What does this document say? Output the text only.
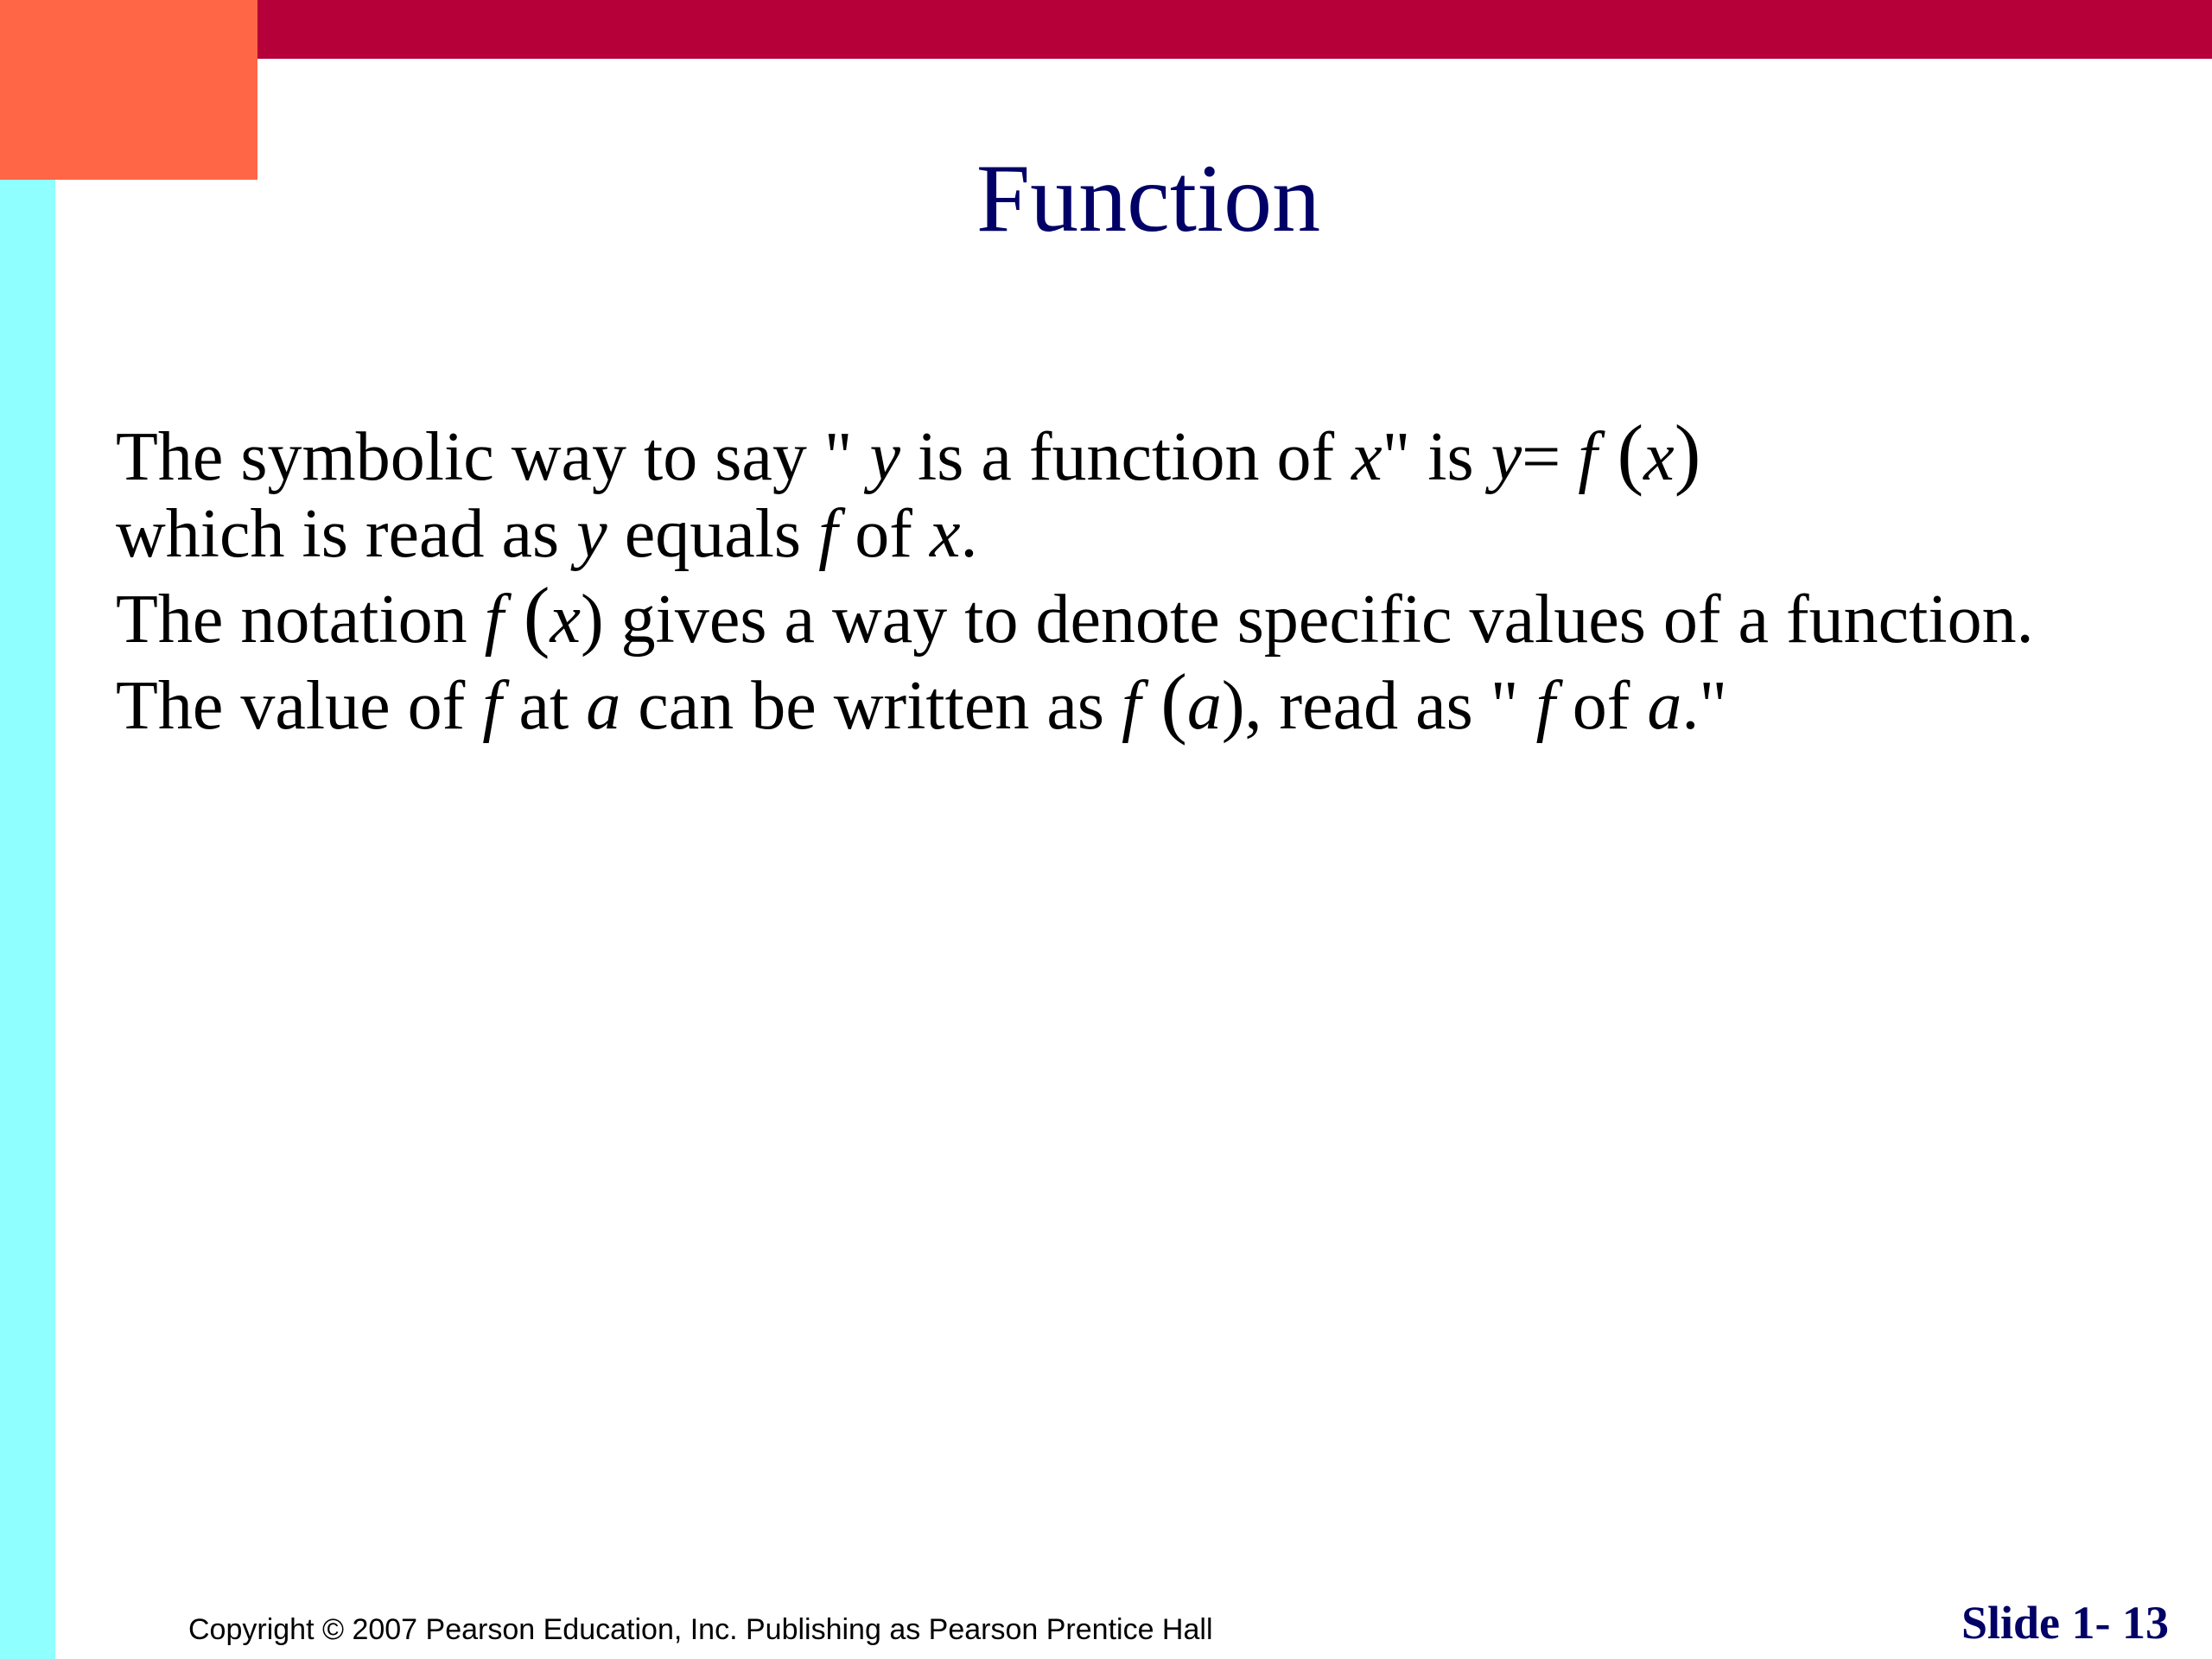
Function
The symbolic way to say " y is a function of x" is y= f (x)
which is read as y equals f of x.
The notation f (x) gives a way to denote specific values of a function.
The value of f at a can be written as f (a), read as " f of a."
Copyright © 2007 Pearson Education, Inc. Publishing as Pearson Prentice Hall	Slide 1- 13
